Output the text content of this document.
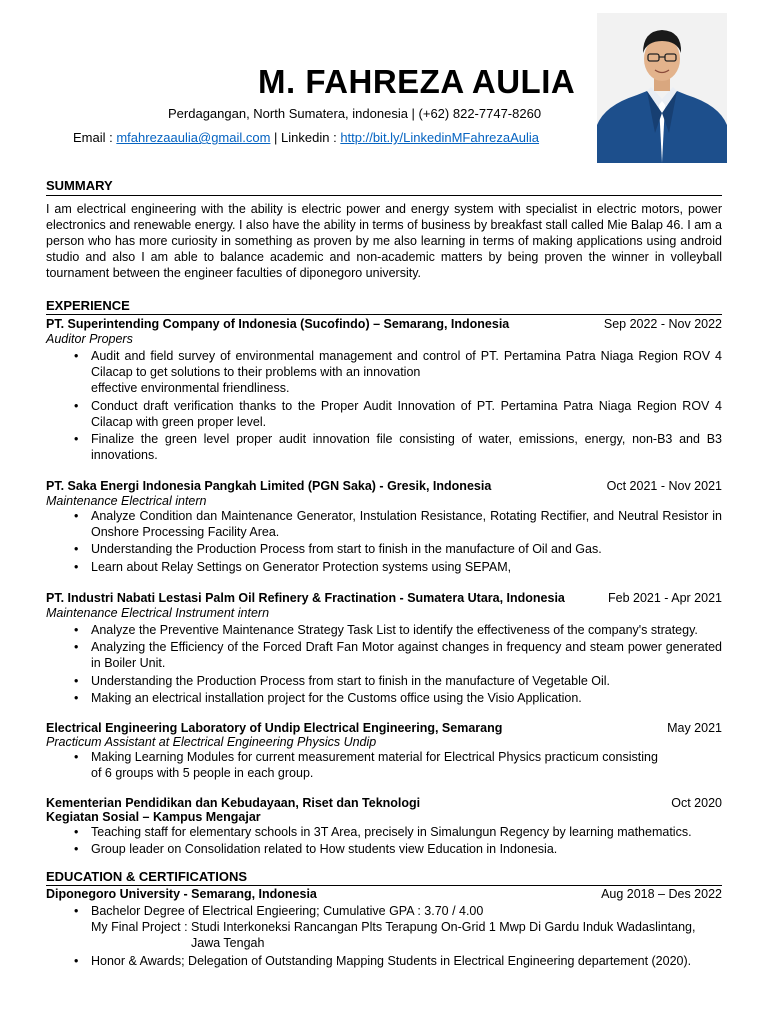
M. FAHREZA AULIA
Perdagangan, North Sumatera, indonesia | (+62) 822-7747-8260
Email : mfahrezaaulia@gmail.com | Linkedin : http://bit.ly/LinkedinMFahrezaAulia
SUMMARY
I am electrical engineering with the ability is electric power and energy system with specialist in electric motors, power electronics and renewable energy. I also have the ability in terms of business by breakfast stall called Mie Balap 46. I am a person who has more curiosity in something as proven by me also learning in terms of making applications using android studio and also I am able to balance academic and non-academic matters by being proven the winner in volleyball tournament between the engineer faculties of diponegoro university.
EXPERIENCE
PT. Superintending Company of Indonesia (Sucofindo) – Semarang, Indonesia	Sep 2022 - Nov 2022
Auditor Propers
• Audit and field survey of environmental management and control of PT. Pertamina Patra Niaga Region ROV 4 Cilacap to get solutions to their problems with an innovation
effective environmental friendliness.
• Conduct draft verification thanks to the Proper Audit Innovation of PT. Pertamina Patra Niaga Region ROV 4 Cilacap with green proper level.
• Finalize the green level proper audit innovation file consisting of water, emissions, energy, non-B3 and B3 innovations.
PT. Saka Energi Indonesia Pangkah Limited (PGN Saka) - Gresik, Indonesia	Oct 2021 - Nov 2021
Maintenance Electrical intern
• Analyze Condition dan Maintenance Generator, Instulation Resistance, Rotating Rectifier, and Neutral Resistor in Onshore Processing Facility Area.
• Understanding the Production Process from start to finish in the manufacture of Oil and Gas.
• Learn about Relay Settings on Generator Protection systems using SEPAM,
PT. Industri Nabati Lestasi Palm Oil Refinery & Fractination - Sumatera Utara, Indonesia	Feb 2021 - Apr 2021
Maintenance Electrical Instrument intern
• Analyze the Preventive Maintenance Strategy Task List to identify the effectiveness of the company's strategy.
• Analyzing the Efficiency of the Forced Draft Fan Motor against changes in frequency and steam power generated in Boiler Unit.
• Understanding the Production Process from start to finish in the manufacture of Vegetable Oil.
• Making an electrical installation project for the Customs office using the Visio Application.
Electrical Engineering Laboratory of Undip Electrical Engineering, Semarang	May 2021
Practicum Assistant at Electrical Engineering Physics Undip
• Making Learning Modules for current measurement material for Electrical Physics practicum consisting
of 6 groups with 5 people in each group.
Kementerian Pendidikan dan Kebudayaan, Riset dan Teknologi	Oct 2020
Kegiatan Sosial – Kampus Mengajar
• Teaching staff for elementary schools in 3T Area, precisely in Simalungun Regency by learning mathematics.
• Group leader on Consolidation related to How students view Education in Indonesia.
EDUCATION & CERTIFICATIONS
Diponegoro University - Semarang, Indonesia	Aug 2018 – Des 2022
• Bachelor Degree of Electrical Engieering; Cumulative GPA : 3.70 / 4.00
My Final Project : Studi Interkoneksi Rancangan Plts Terapung On-Grid 1 Mwp Di Gardu Induk Wadaslintang,
Jawa Tengah
• Honor & Awards; Delegation of Outstanding Mapping Students in Electrical Engineering departement (2020).
